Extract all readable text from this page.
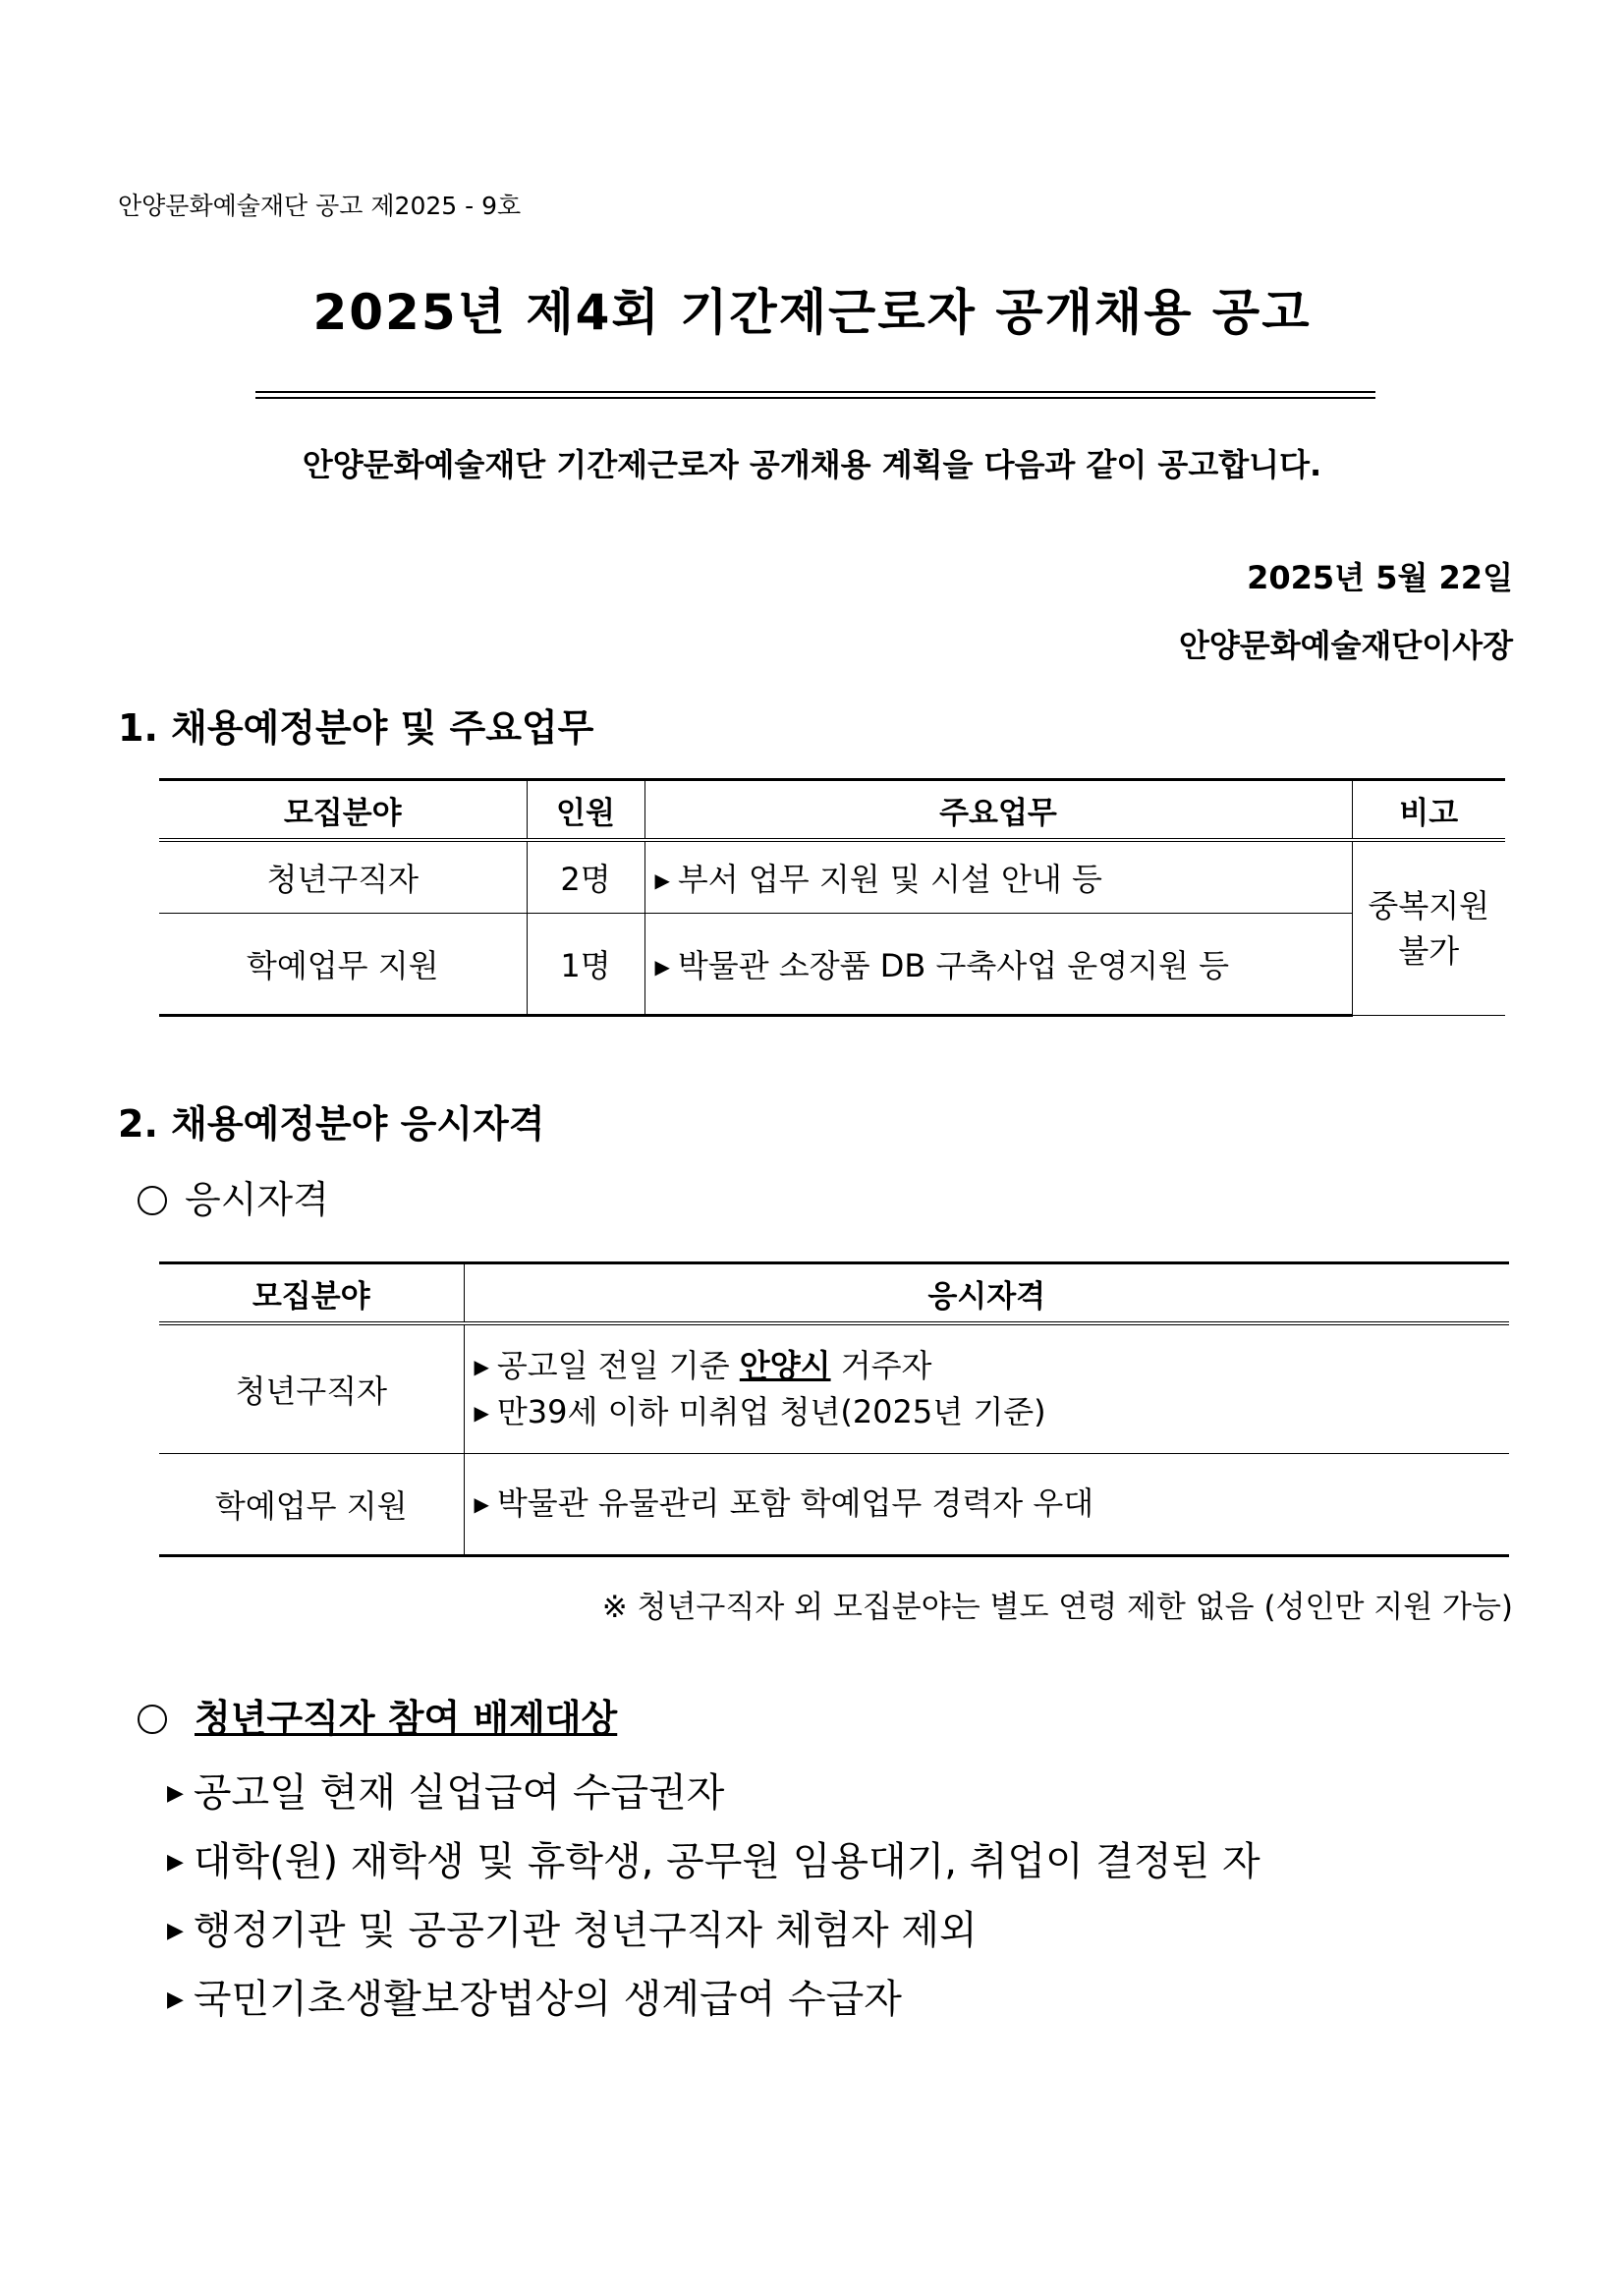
안양문화예술재단 공고 제2025 - 9호
2025년 제4회 기간제근로자 공개채용 공고
안양문화예술재단 기간제근로자 공개채용 계획을 다음과 같이 공고합니다.
2025년 5월 22일
안양문화예술재단이사장
1. 채용예정분야 및 주요업무
모집분야	인원	주요업무	비고
청년구직자	2명	▶ 부서 업무 지원 및 시설 안내 등	중복지원
불가

학예업무 지원	1명	▶ 박물관 소장품 DB 구축사업 운영지원 등	
2. 채용예정분야 응시자격
응시자격
모집분야	응시자격
청년구직자	▶ 공고일 전일 기준 안양시 거주자
▶ 만39세 이하 미취업 청년(2025년 기준)

학예업무 지원	▶ 박물관 유물관리 포함 학예업무 경력자 우대
※ 청년구직자 외 모집분야는 별도 연령 제한 없음 (성인만 지원 가능)
청년구직자 참여 배제대상
▶ 공고일 현재 실업급여 수급권자
▶ 대학(원) 재학생 및 휴학생, 공무원 임용대기, 취업이 결정된 자
▶ 행정기관 및 공공기관 청년구직자 체험자 제외
▶ 국민기초생활보장법상의 생계급여 수급자
